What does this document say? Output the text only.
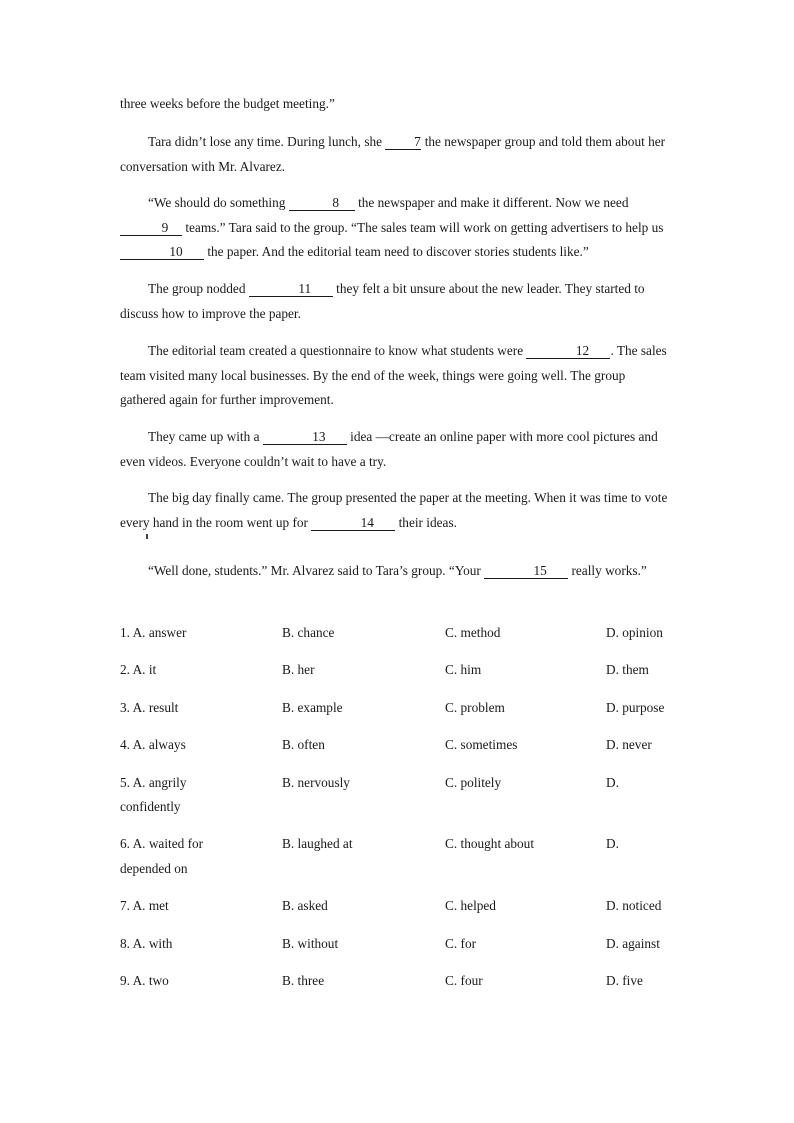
three weeks before the budget meeting.”

Tara didn’t lose any time. During lunch, she 7 the newspaper group and told them about her conversation with Mr. Alvarez.

“We should do something	8 the newspaper and make it different. Now we need 9 teams.” Tara said to the group. “The sales team will work on getting advertisers to help us 10 the paper. And the editorial team need to discover stories students like.”

The group nodded	11 they felt a bit unsure about the new leader. They started to discuss how to improve the paper.

The editorial team created a questionnaire to know what students were	12 . The sales team visited many local businesses. By the end of the week, things were going well. The group gathered again for further improvement.

They came up with a	13 idea —create an online paper with more cool pictures and even videos. Everyone couldn’t wait to have a try.

The big day finally came. The group presented the paper at the meeting. When it was time to vote every hand in the room went up for	14 their ideas.

“Well done, students.” Mr. Alvarez said to Tara’s group. “Your	15 really works.”

1. A. answer	B. chance	C. method	D. opinion
2. A. it	B. her	C. him	D. them
3. A. result	B. example	C. problem	D. purpose
4. A. always	B. often	C. sometimes	D. never
5. A. angrily	B. nervously	C. politely	D.
confidently
6. A. waited for	B. laughed at	C. thought about	D.
depended on
7. A. met	B. asked	C. helped	D. noticed
8. A. with	B. without	C. for	D. against
9. A. two	B. three	C. four	D. five
